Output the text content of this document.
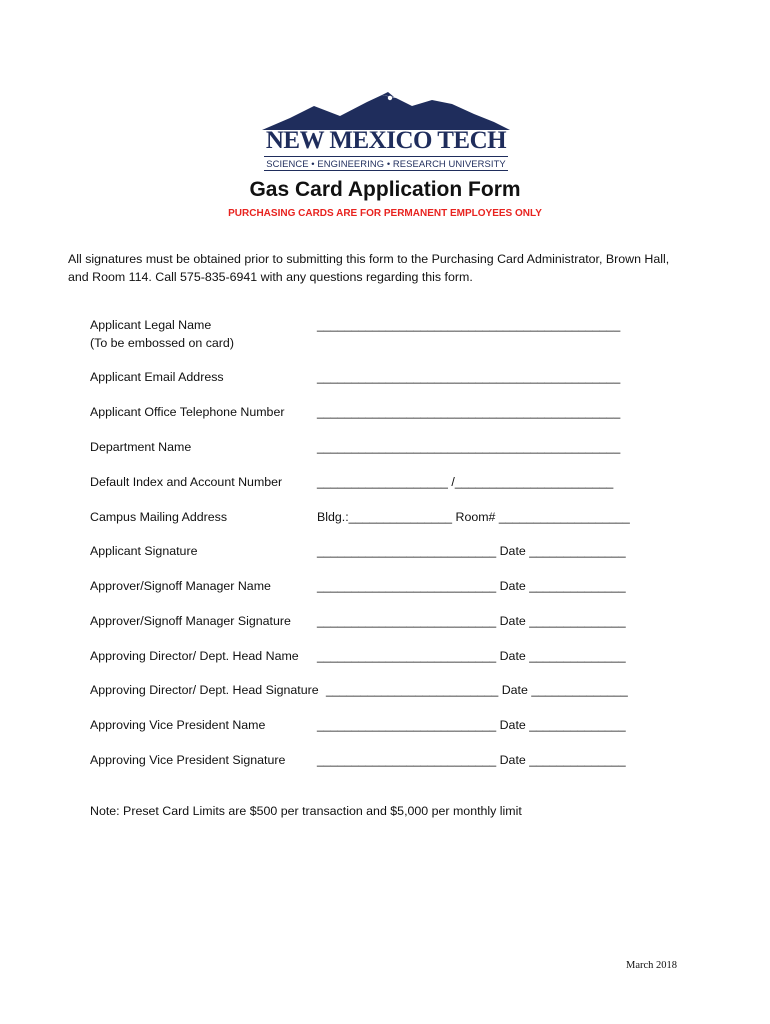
NEW MEXICO TECH
SCIENCE • ENGINEERING • RESEARCH UNIVERSITY
Gas Card Application Form
PURCHASING CARDS ARE FOR PERMANENT EMPLOYEES ONLY
All signatures must be obtained prior to submitting this form to the Purchasing Card Administrator, Brown Hall, and Room 114. Call 575-835-6941 with any questions regarding this form.
Applicant Legal Name	____________________________________________
(To be embossed on card)
Applicant Email Address	____________________________________________
Applicant Office Telephone Number	____________________________________________
Department Name	____________________________________________
Default Index and Account Number	___________________ /_______________________
Campus Mailing Address	Bldg.:_______________ Room# ___________________
Applicant Signature	__________________________ Date ______________
Approver/Signoff Manager Name	__________________________ Date ______________
Approver/Signoff Manager Signature __________________________ Date ______________
Approving Director/ Dept. Head Name __________________________ Date ______________
Approving Director/ Dept. Head Signature _________________________ Date ______________
Approving Vice President Name	__________________________ Date ______________
Approving Vice President Signature	__________________________ Date ______________
Note: Preset Card Limits are $500 per transaction and $5,000 per monthly limit
March 2018
